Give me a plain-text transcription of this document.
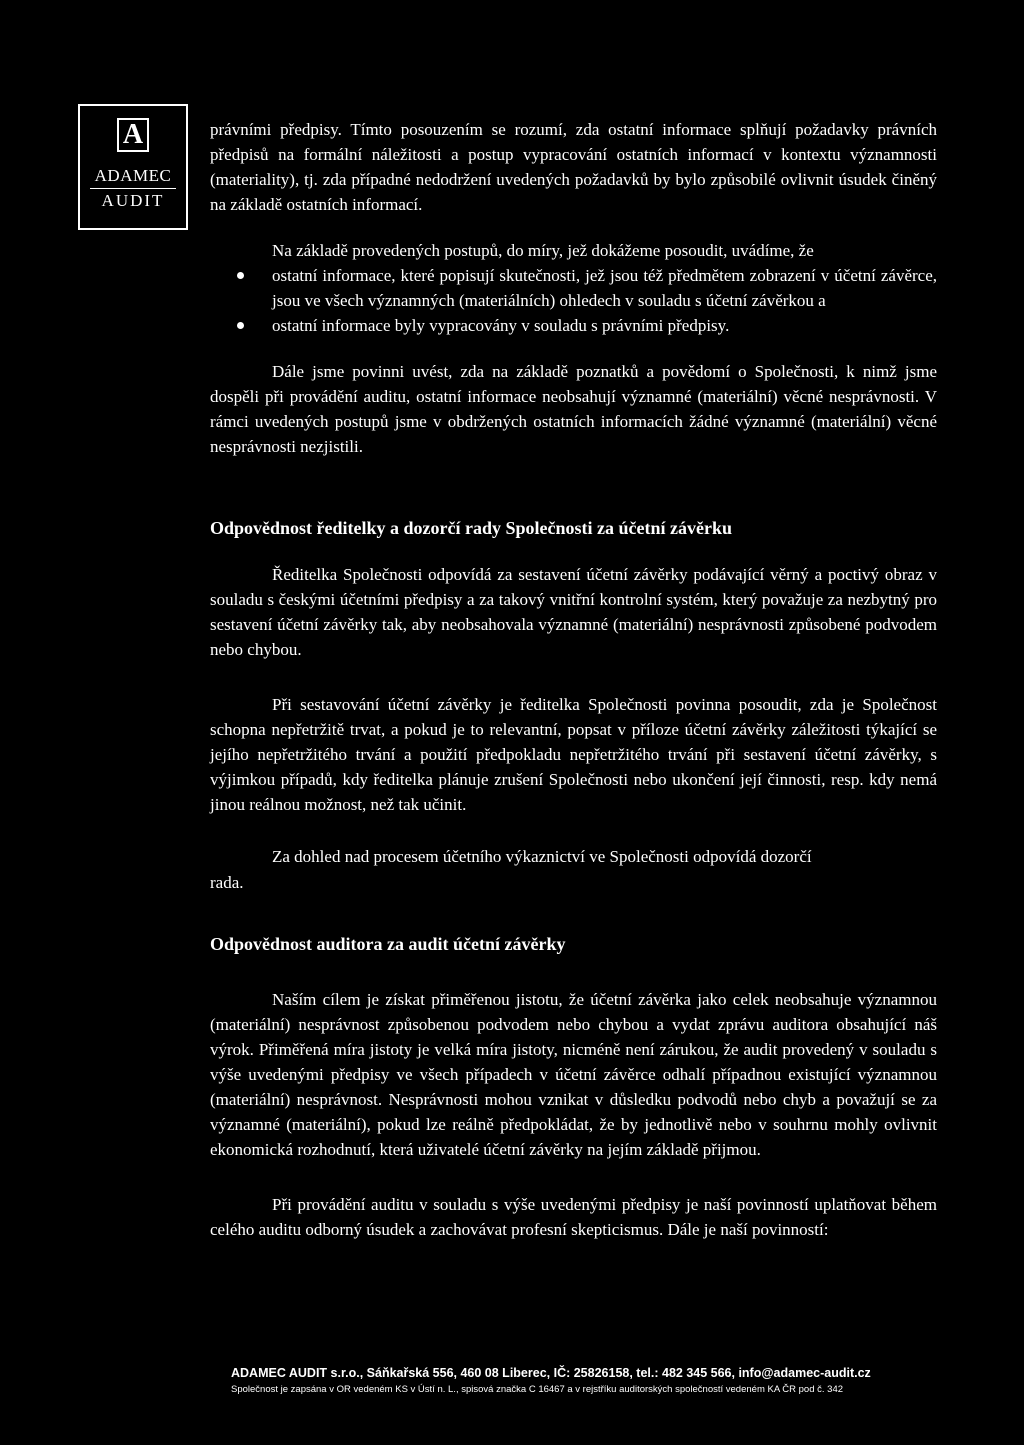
A
ADAMEC
AUDIT

právními předpisy. Tímto posouzením se rozumí, zda ostatní informace splňují požadavky právních předpisů na formální náležitosti a postup vypracování ostatních informací v kontextu významnosti (materiality), tj. zda případné nedodržení uvedených požadavků by bylo způsobilé ovlivnit úsudek činěný na základě ostatních informací.

Na základě provedených postupů, do míry, jež dokážeme posoudit, uvádíme, že

ostatní informace, které popisují skutečnosti, jež jsou též předmětem zobrazení v účetní závěrce, jsou ve všech významných (materiálních) ohledech v souladu s účetní závěrkou a
ostatní informace byly vypracovány v souladu s právními předpisy.

Dále jsme povinni uvést, zda na základě poznatků a povědomí o Společnosti, k nimž jsme dospěli při provádění auditu, ostatní informace neobsahují významné (materiální) věcné nesprávnosti. V rámci uvedených postupů jsme v obdržených ostatních informacích žádné významné (materiální) věcné nesprávnosti nezjistili.

Odpovědnost ředitelky a dozorčí rady Společnosti za účetní závěrku

Ředitelka Společnosti odpovídá za sestavení účetní závěrky podávající věrný a poctivý obraz v souladu s českými účetními předpisy a za takový vnitřní kontrolní systém, který považuje za nezbytný pro sestavení účetní závěrky tak, aby neobsahovala významné (materiální) nesprávnosti způsobené podvodem nebo chybou.

Při sestavování účetní závěrky je ředitelka Společnosti povinna posoudit, zda je Společnost schopna nepřetržitě trvat, a pokud je to relevantní, popsat v příloze účetní závěrky záležitosti týkající se jejího nepřetržitého trvání a použití předpokladu nepřetržitého trvání při sestavení účetní závěrky, s výjimkou případů, kdy ředitelka plánuje zrušení Společnosti nebo ukončení její činnosti, resp. kdy nemá jinou reálnou možnost, než tak učinit.

Za dohled nad procesem účetního výkaznictví ve Společnosti odpovídá dozorčí
rada.
Odpovědnost auditora za audit účetní závěrky

Naším cílem je získat přiměřenou jistotu, že účetní závěrka jako celek neobsahuje významnou (materiální) nesprávnost způsobenou podvodem nebo chybou a vydat zprávu auditora obsahující náš výrok. Přiměřená míra jistoty je velká míra jistoty, nicméně není zárukou, že audit provedený v souladu s výše uvedenými předpisy ve všech případech v účetní závěrce odhalí případnou existující významnou (materiální) nesprávnost. Nesprávnosti mohou vznikat v důsledku podvodů nebo chyb a považují se za významné (materiální), pokud lze reálně předpokládat, že by jednotlivě nebo v souhrnu mohly ovlivnit ekonomická rozhodnutí, která uživatelé účetní závěrky na jejím základě přijmou.

Při provádění auditu v souladu s výše uvedenými předpisy je naší povinností uplatňovat během celého auditu odborný úsudek a zachovávat profesní skepticismus. Dále je naší povinností:

ADAMEC AUDIT s.r.o., Sáňkařská 556, 460 08 Liberec, IČ: 25826158, tel.: 482 345 566, info@adamec-audit.cz
Společnost je zapsána v OR vedeném KS v Ústí n. L., spisová značka C 16467 a v rejstříku auditorských společností vedeném KA ČR pod č. 342
